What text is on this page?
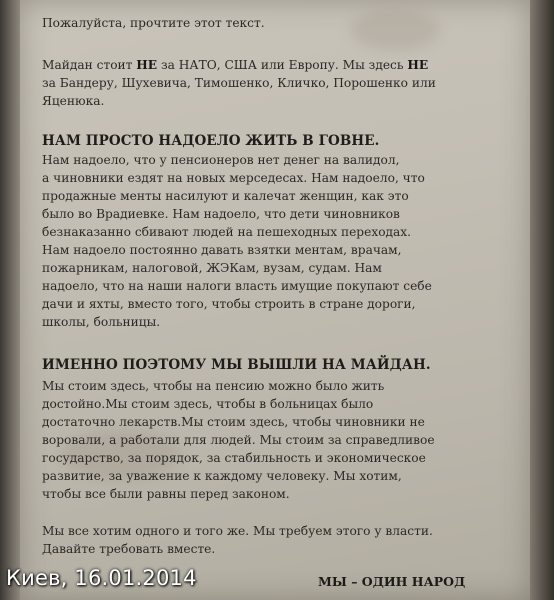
Пожалуйста, прочтите этот текст.

Майдан стоит НЕ за НАТО, США или Европу. Мы здесь НЕ
за Бандеру, Шухевича, Тимошенко, Кличко, Порошенко или
Яценюка.

НАМ ПРОСТО НАДОЕЛО ЖИТЬ В ГОВНЕ.

Нам надоело, что у пенсионеров нет денег на валидол,
а чиновники ездят на новых мерседесах. Нам надоело, что
продажные менты насилуют и калечат женщин, как это
было во Врадиевке. Нам надоело, что дети чиновников
безнаказанно сбивают людей на пешеходных переходах.
Нам надоело постоянно давать взятки ментам, врачам,
пожарникам, налоговой, ЖЭКам, вузам, судам. Нам
надоело, что на наши налоги власть имущие покупают себе
дачи и яхты, вместо того, чтобы строить в стране дороги,
школы, больницы.

ИМЕННО ПОЭТОМУ МЫ ВЫШЛИ НА МАЙДАН.

Мы стоим здесь, чтобы на пенсию можно было жить
достойно.Мы стоим здесь, чтобы в больницах было
достаточно лекарств.Мы стоим здесь, чтобы чиновники не
воровали, а работали для людей. Мы стоим за справедливое
государство, за порядок, за стабильность и экономическое
развитие, за уважение к каждому человеку. Мы хотим,
чтобы все были равны перед законом.

Мы все хотим одного и того же. Мы требуем этого у власти.
Давайте требовать вместе.

МЫ – ОДИН НАРОД
Киев, 16.01.2014
